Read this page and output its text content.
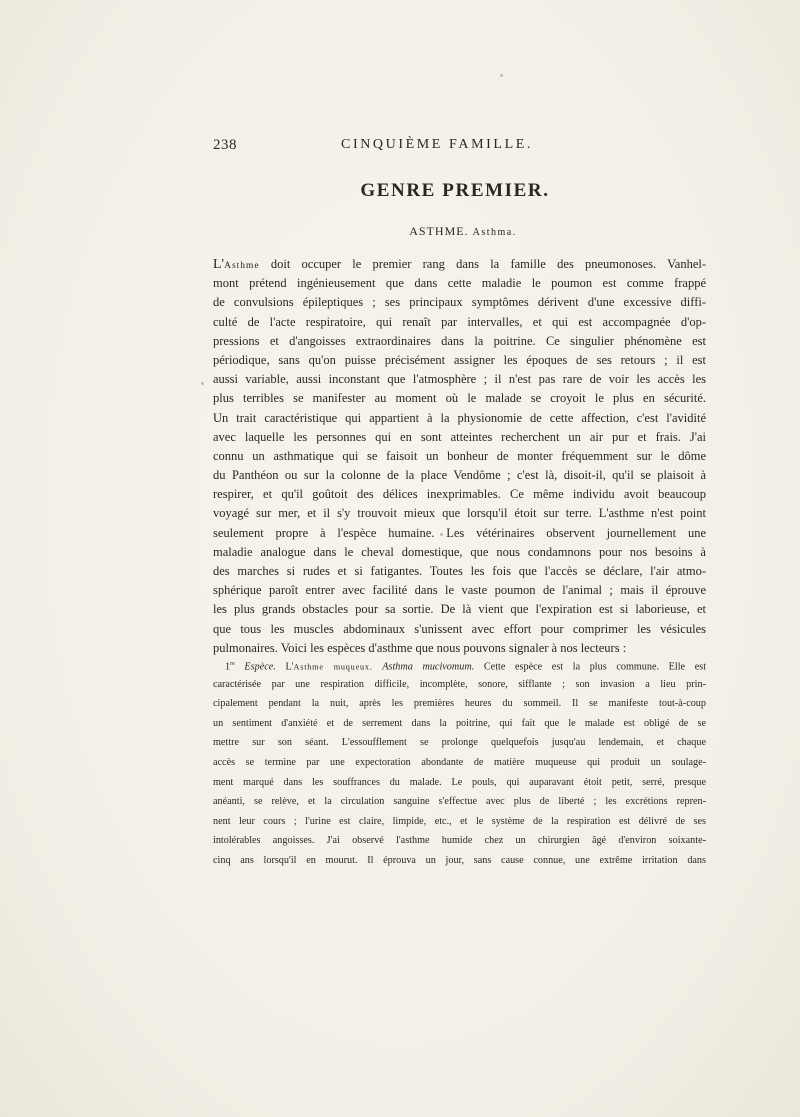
238	CINQUIÈME FAMILLE.
GENRE PREMIER.
ASTHME. Asthma.
L'Asthme doit occuper le premier rang dans la famille des pneumonoses. Vanhel-
mont prétend ingénieusement que dans cette maladie le poumon est comme frappé
de convulsions épileptiques ; ses principaux symptômes dérivent d'une excessive diffi-
culté de l'acte respiratoire, qui renaît par intervalles, et qui est accompagnée d'op-
pressions et d'angoisses extraordinaires dans la poitrine. Ce singulier phénomène est
périodique, sans qu'on puisse précisément assigner les époques de ses retours ; il est
aussi variable, aussi inconstant que l'atmosphère ; il n'est pas rare de voir les accès les
plus terribles se manifester au moment où le malade se croyoit le plus en sécurité.
Un trait caractéristique qui appartient à la physionomie de cette affection, c'est l'avidité
avec laquelle les personnes qui en sont atteintes recherchent un air pur et frais. J'ai
connu un asthmatique qui se faisoit un bonheur de monter fréquemment sur le dôme
du Panthéon ou sur la colonne de la place Vendôme ; c'est là, disoit-il, qu'il se plaisoit à
respirer, et qu'il goûtoit des délices inexprimables. Ce même individu avoit beaucoup
voyagé sur mer, et il s'y trouvoit mieux que lorsqu'il étoit sur terre. L'asthme n'est point
seulement propre à l'espèce humaine. Les vétérinaires observent journellement une
maladie analogue dans le cheval domestique, que nous condamnons pour nos besoins à
des marches si rudes et si fatigantes. Toutes les fois que l'accès se déclare, l'air atmo-
sphérique paroît entrer avec facilité dans le vaste poumon de l'animal ; mais il éprouve
les plus grands obstacles pour sa sortie. De là vient que l'expiration est si laborieuse, et
que tous les muscles abdominaux s'unissent avec effort pour comprimer les vésicules
pulmonaires. Voici les espèces d'asthme que nous pouvons signaler à nos lecteurs :
1re Espèce. L'Asthme muqueux. Asthma mucivomum. Cette espèce est la plus commune. Elle est
caractérisée par une respiration difficile, incomplète, sonore, sifflante ; son invasion a lieu prin-
cipalement pendant la nuit, après les premières heures du sommeil. Il se manifeste tout-à-coup
un sentiment d'anxiété et de serrement dans la poitrine, qui fait que le malade est obligé de se
mettre sur son séant. L'essoufflement se prolonge quelquefois jusqu'au lendemain, et chaque
accès se termine par une expectoration abondante de matière muqueuse qui produit un soulage-
ment marqué dans les souffrances du malade. Le pouls, qui auparavant étoit petit, serré, presque
anéanti, se relève, et la circulation sanguine s'effectue avec plus de liberté ; les excrétions repren-
nent leur cours ; l'urine est claire, limpide, etc., et le système de la respiration est délivré de ses
intolérables angoisses. J'ai observé l'asthme humide chez un chirurgien âgé d'environ soixante-
cinq ans lorsqu'il en mourut. Il éprouva un jour, sans cause connue, une extrême irritation dans
